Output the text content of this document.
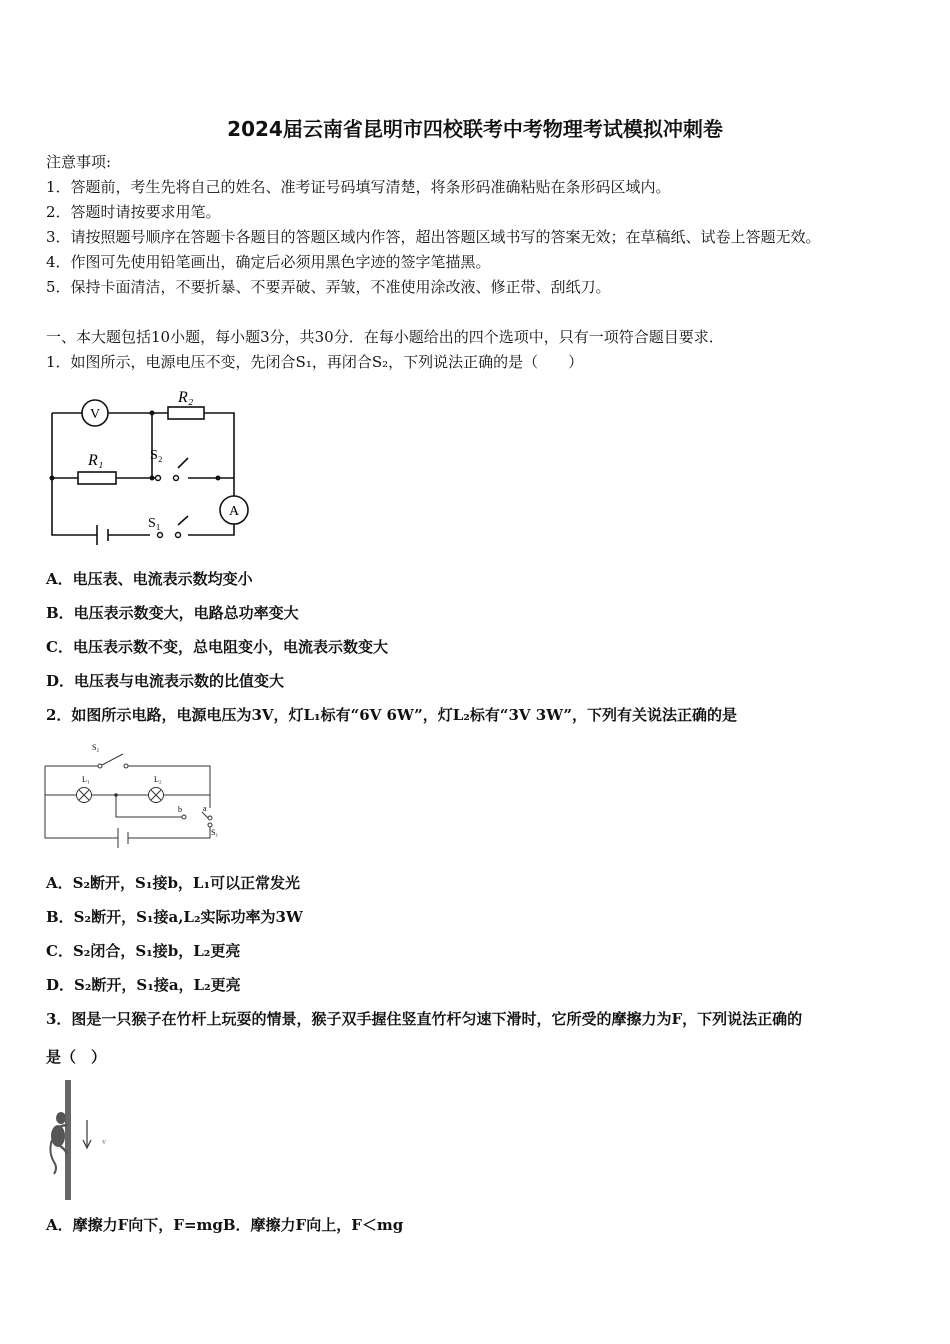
2024届云南省昆明市四校联考中考物理考试模拟冲刺卷
注意事项:
1．答题前，考生先将自己的姓名、准考证号码填写清楚，将条形码准确粘贴在条形码区域内。
2．答题时请按要求用笔。
3．请按照题号顺序在答题卡各题目的答题区域内作答，超出答题区域书写的答案无效；在草稿纸、试卷上答题无效。
4．作图可先使用铅笔画出，确定后必须用黑色字迹的签字笔描黑。
5．保持卡面清洁，不要折暴、不要弄破、弄皱，不准使用涂改液、修正带、刮纸刀。
一、本大题包括10小题，每小题3分，共30分．在每小题给出的四个选项中，只有一项符合题目要求．
1．如图所示，电源电压不变，先闭合S₁，再闭合S₂，下列说法正确的是（　　）
V
R₂
R₁	S₂
A
S₁
A．电压表、电流表示数均变小
B．电压表示数变大，电路总功率变大
C．电压表示数不变，总电阻变小，电流表示数变大
D．电压表与电流表示数的比值变大
2．如图所示电路，电源电压为3V，灯L₁标有“6V 6W”，灯L₂标有“3V 3W”，下列有关说法正确的是
S₂
L₁	L₂
b	a
S₁
A．S₂断开，S₁接b，L₁可以正常发光
B．S₂断开，S₁接a,L₂实际功率为3W
C．S₂闭合，S₁接b，L₂更亮
D．S₂断开，S₁接a，L₂更亮
3．图是一只猴子在竹杆上玩耍的情景，猴子双手握住竖直竹杆匀速下滑时，它所受的摩擦力为F，下列说法正确的
是（　）
v
A．摩擦力F向下，F=mgB．摩擦力F向上，F＜mg
